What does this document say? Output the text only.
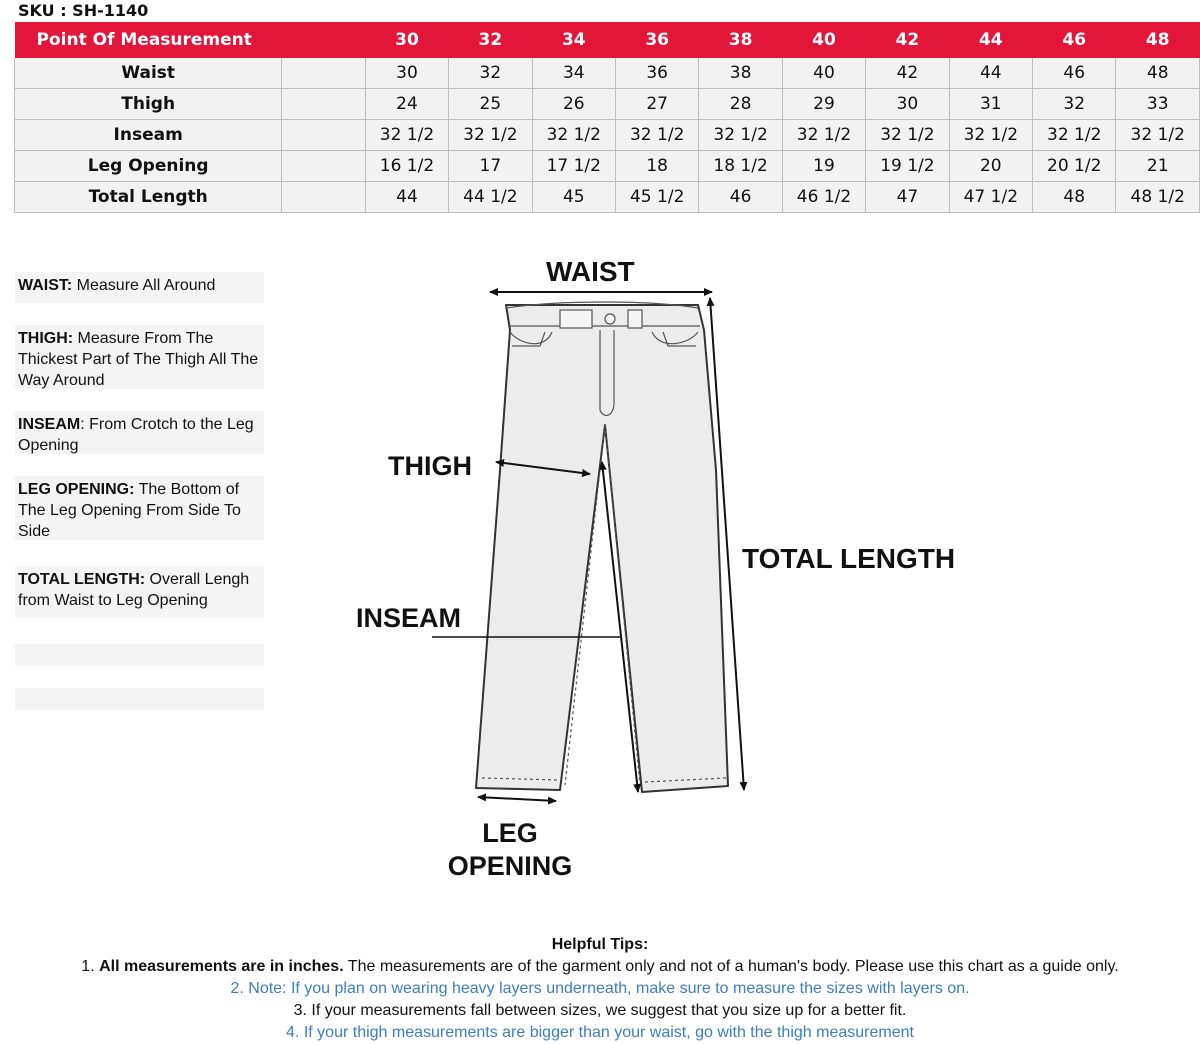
SKU : SH-1140
Point Of Measurement		30	32	34	36	38	40	42	44	46	48
Waist		30	32	34	36	38	40	42	44	46	48
Thigh		24	25	26	27	28	29	30	31	32	33
Inseam		32 1/2	32 1/2	32 1/2	32 1/2	32 1/2	32 1/2	32 1/2	32 1/2	32 1/2	32 1/2
Leg Opening		16 1/2	17	17 1/2	18	18 1/2	19	19 1/2	20	20 1/2	21
Total Length		44	44 1/2	45	45 1/2	46	46 1/2	47	47 1/2	48	48 1/2
WAIST: Measure All Around
THIGH: Measure From The Thickest Part of The Thigh All The Way Around
INSEAM: From Crotch to the Leg Opening
LEG OPENING: The Bottom of The Leg Opening From Side To Side
TOTAL LENGTH: Overall Lengh from Waist to Leg Opening
WAIST
THIGH
INSEAM
TOTAL LENGTH
LEG
OPENING
Helpful Tips:
1. All measurements are in inches. The measurements are of the garment only and not of a human's body. Please use this chart as a guide only.
2. Note: If you plan on wearing heavy layers underneath, make sure to measure the sizes with layers on.
3. If your measurements fall between sizes, we suggest that you size up for a better fit.
4. If your thigh measurements are bigger than your waist, go with the thigh measurement
